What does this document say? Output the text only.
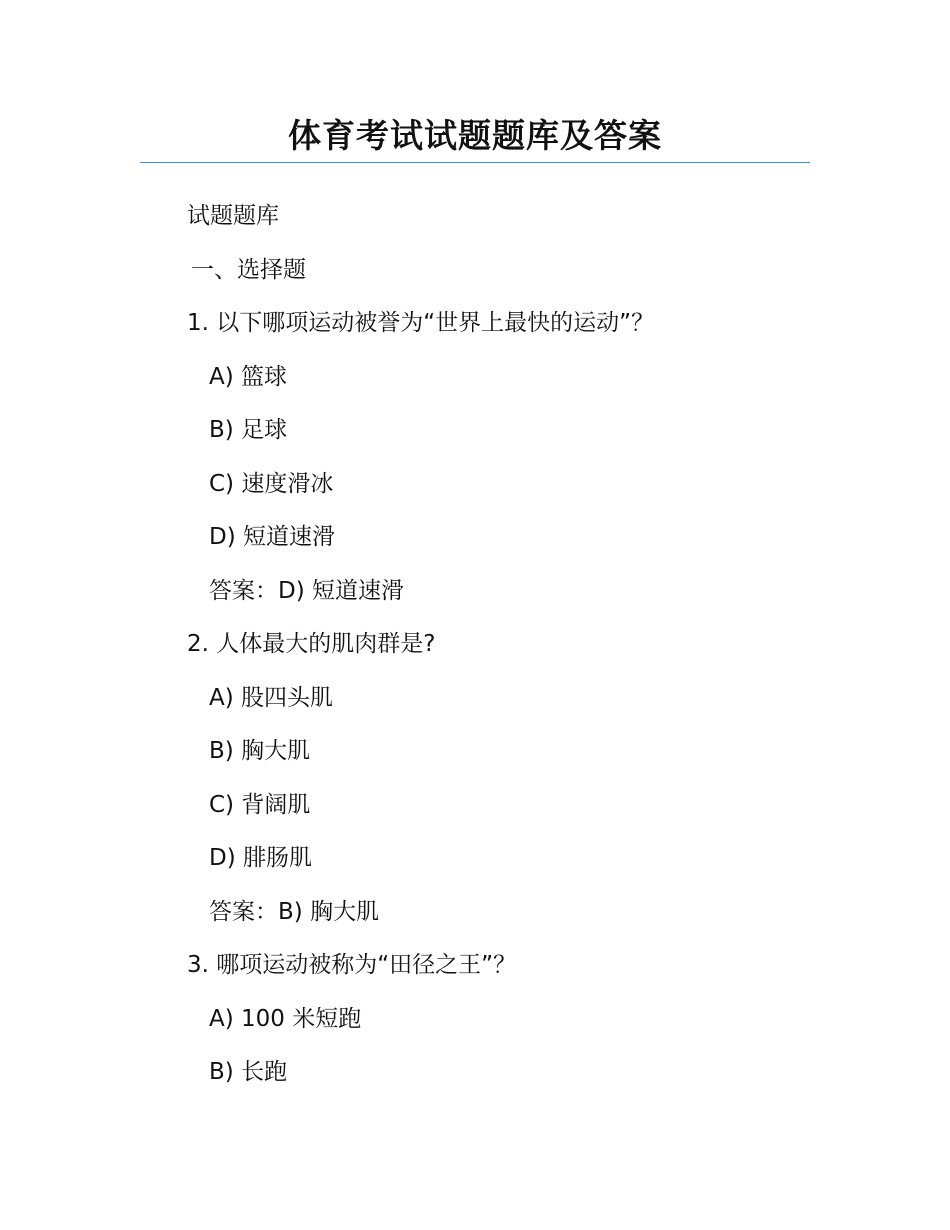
体育考试试题题库及答案
试题题库
一、选择题
1. 以下哪项运动被誉为“世界上最快的运动”？
A) 篮球
B) 足球
C) 速度滑冰
D) 短道速滑
答案：D) 短道速滑
2. 人体最大的肌肉群是?
A) 股四头肌
B) 胸大肌
C) 背阔肌
D) 腓肠肌
答案：B) 胸大肌
3. 哪项运动被称为“田径之王”？
A) 100 米短跑
B) 长跑
